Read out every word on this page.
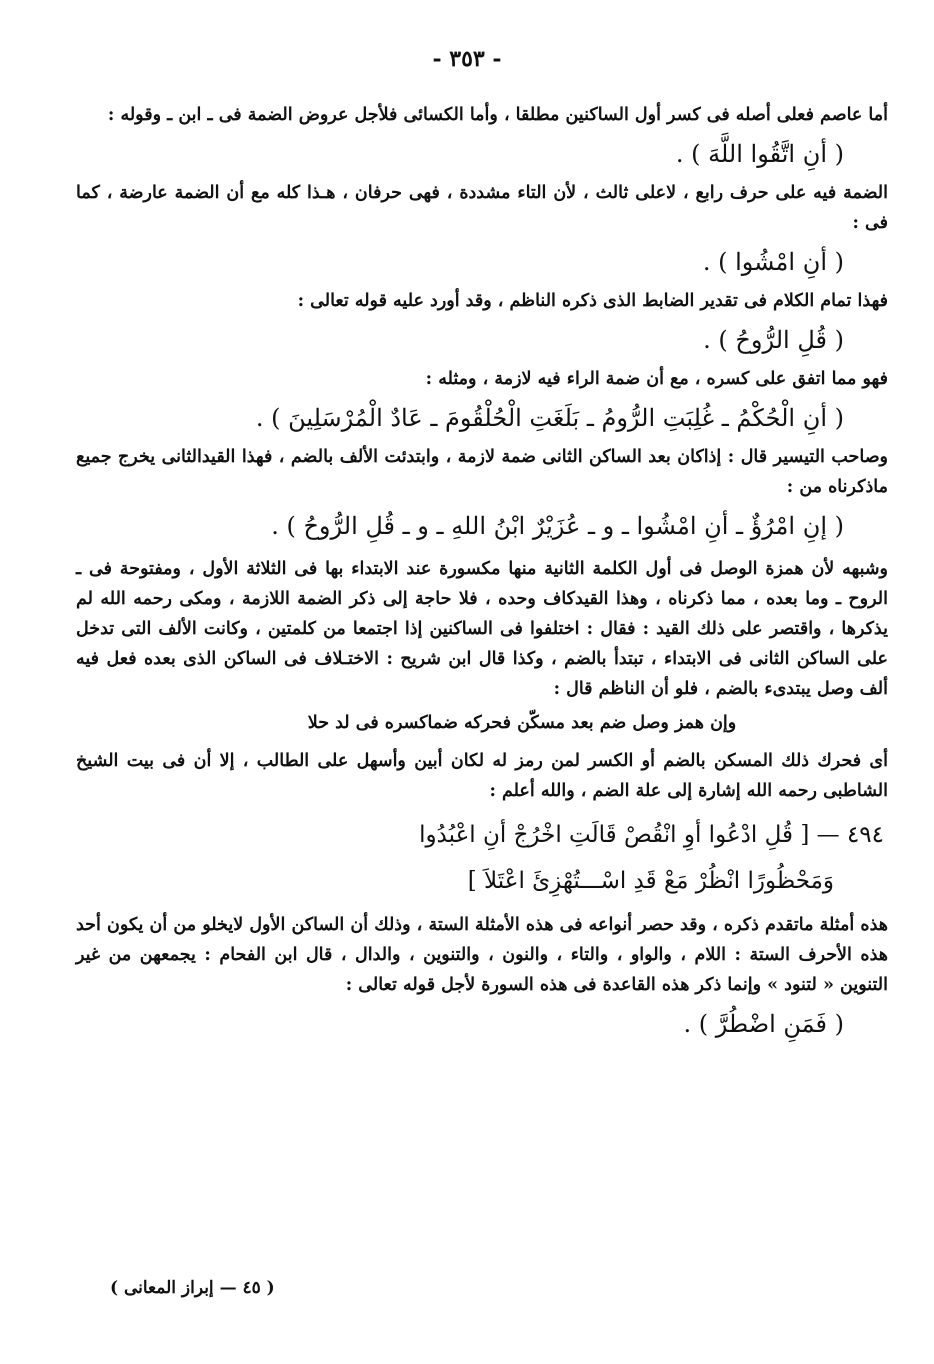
- ٣٥٣ -

أما عاصم فعلى أصله فى كسر أول الساكنين مطلقا ، وأما الكسائى فلأجل عروض الضمة فى ـ ابن ـ وقوله :

( أنِ اتَّقُوا اللَّهَ ) .

الضمة فيه على حرف رابع ، لاعلى ثالث ، لأن التاء مشددة ، فهى حرفان ، هـذا كله مع أن الضمة عارضة ، كما فى :

( أنِ امْشُوا ) .

فهذا تمام الكلام فى تقدير الضابط الذى ذكره الناظم ، وقد أورد عليه قوله تعالى :

( قُلِ الرُّوحُ ) .

فهو مما اتفق على كسره ، مع أن ضمة الراء فيه لازمة ، ومثله :

( أنِ الْحُكْمُ ـ غُلِبَتِ الرُّومُ ـ بَلَغَتِ الْحُلْقُومَ ـ عَادٌ الْمُرْسَلِينَ ) .

وصاحب التيسير قال : إذاكان بعد الساكن الثانى ضمة لازمة ، وابتدئت الألف بالضم ، فهذا القيدالثانى يخرج جميع ماذكرناه من :

( إنِ امْرُؤٌ ـ أنِ امْشُوا ـ و ـ عُزَيْرٌ ابْنُ اللهِ ـ و ـ قُلِ الرُّوحُ ) .

وشبهه لأن همزة الوصل فى أول الكلمة الثانية منها مكسورة عند الابتداء بها فى الثلاثة الأول ، ومفتوحة فى ـ الروح ـ وما بعده ، مما ذكرناه ، وهذا القيدكاف وحده ، فلا حاجة إلى ذكر الضمة اللازمة ، ومكى رحمه الله لم يذكرها ، واقتصر على ذلك القيد : فقال : اختلفوا فى الساكنين إذا اجتمعا من كلمتين ، وكانت الألف التى تدخل على الساكن الثانى فى الابتداء ، تبتدأ بالضم ، وكذا قال ابن شريح : الاختـلاف فى الساكن الذى بعده فعل فيه ألف وصل يبتدىء بالضم ، فلو أن الناظم قال :

وإن همز وصل ضم بعد مسكّن فحركه ضماكسره فى لد حلا

أى فحرك ذلك المسكن بالضم أو الكسر لمن رمز له لكان أبين وأسهل على الطالب ، إلا أن فى بيت الشيخ الشاطبى رحمه الله إشارة إلى علة الضم ، والله أعلم :

٤٩٤ — [ قُلِ ادْعُوا أوِ انْقُصْ قَالَتِ اخْرُجْ أنِ اعْبُدُوا
وَمَحْظُورًا انْظُرْ مَعْ قَدِ اسْـــتُهْزِئَ اعْتَلاَ ]

هذه أمثلة ماتقدم ذكره ، وقد حصر أنواعه فى هذه الأمثلة الستة ، وذلك أن الساكن الأول لايخلو من أن يكون أحد هذه الأحرف الستة : اللام ، والواو ، والتاء ، والنون ، والتنوين ، والدال ، قال ابن الفحام : يجمعهن من غير التنوين « لتنود » وإنما ذكر هذه القاعدة فى هذه السورة لأجل قوله تعالى :

( فَمَنِ اضْطُرَّ ) .

( ٤٥ — إبراز المعانى )
